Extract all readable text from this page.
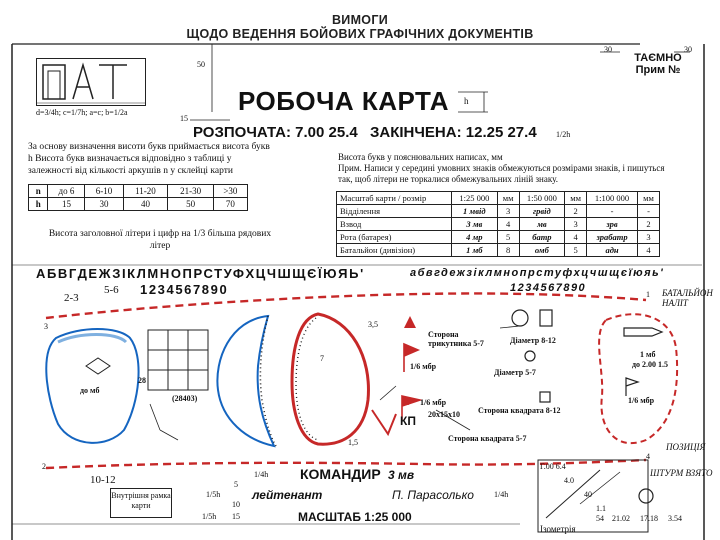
ВИМОГИ
ЩОДО ВЕДЕННЯ БОЙОВИХ ГРАФІЧНИХ ДОКУМЕНТІВ
d=3/4h; c=1/7h; a=c; b=1/2a
50
15
30	30
ТАЄМНО
Прим №
РОБОЧА КАРТА h
РОЗПОЧАТА: 7.00 25.4 ЗАКІНЧЕНА: 12.25 27.4 1/2h
За основу визначення висоти букв приймається висота букв h Висота букв визначається відповідно з таблиці у залежності від кількості аркушів n у склейці карти
n	до 6	6-10	11-20	21-30	>30
h	15	30	40	50	70
Висота заголовної літери і цифр на 1/3 більша рядових літер
Висота букв у пояснювальних написах, мм
Прим. Написи у середині умовних знаків обмежуються розмірами знаків, і пишуться так, щоб літери не торкалися обмежувальних ліній знаку.
Масштаб карти / розмір	1:25 000	мм	1:50 000	мм	1:100 000	мм
Відділення	1 мвід	3	грвід	2	-	-
Взвод	3 мв	4	мв	3	зрв	2
Рота (батарея)	4 мр	5	батр	4	зрабатр	3
Батальйон (дивізіон)	1 мб	8	омб	5	адн	4
АБВГДЕЖЗІКЛМНОПРСТУФХЦЧШЩЄЇЮЯЬ'
1234567890
абвгдежзіклмнопрстуфхцчшщєїюяь'
1234567890
2-3
5-6	БАТАЛЬЙОН НАЛІТ
ПОЗИЦІЯ
ШТУРМ ВЗЯТО
до мб
(28403)
28
3
1
2
4
3,5
7
1,5
Сторона трикутника 5-7
1/6 мбр
5 1/6 мбр
КП 20x15x10
Діаметр 8-12
Діаметр 5-7
Сторона квадрата 8-12
Сторона квадрата 5-7
1 мб
до 2.00 1.5
1/6 мбр
10-12	КОМАНДИР 3 мв
лейтенант	П. Парасолько
МАСШТАБ 1:25 000
1/4h
1/5h	1/4h
1/5h
5
10
15
Внутрішня рамка карти
Г.00 6.4
Ізометрія
21.02 17.18 3.54
4.0
40
1.1
54
